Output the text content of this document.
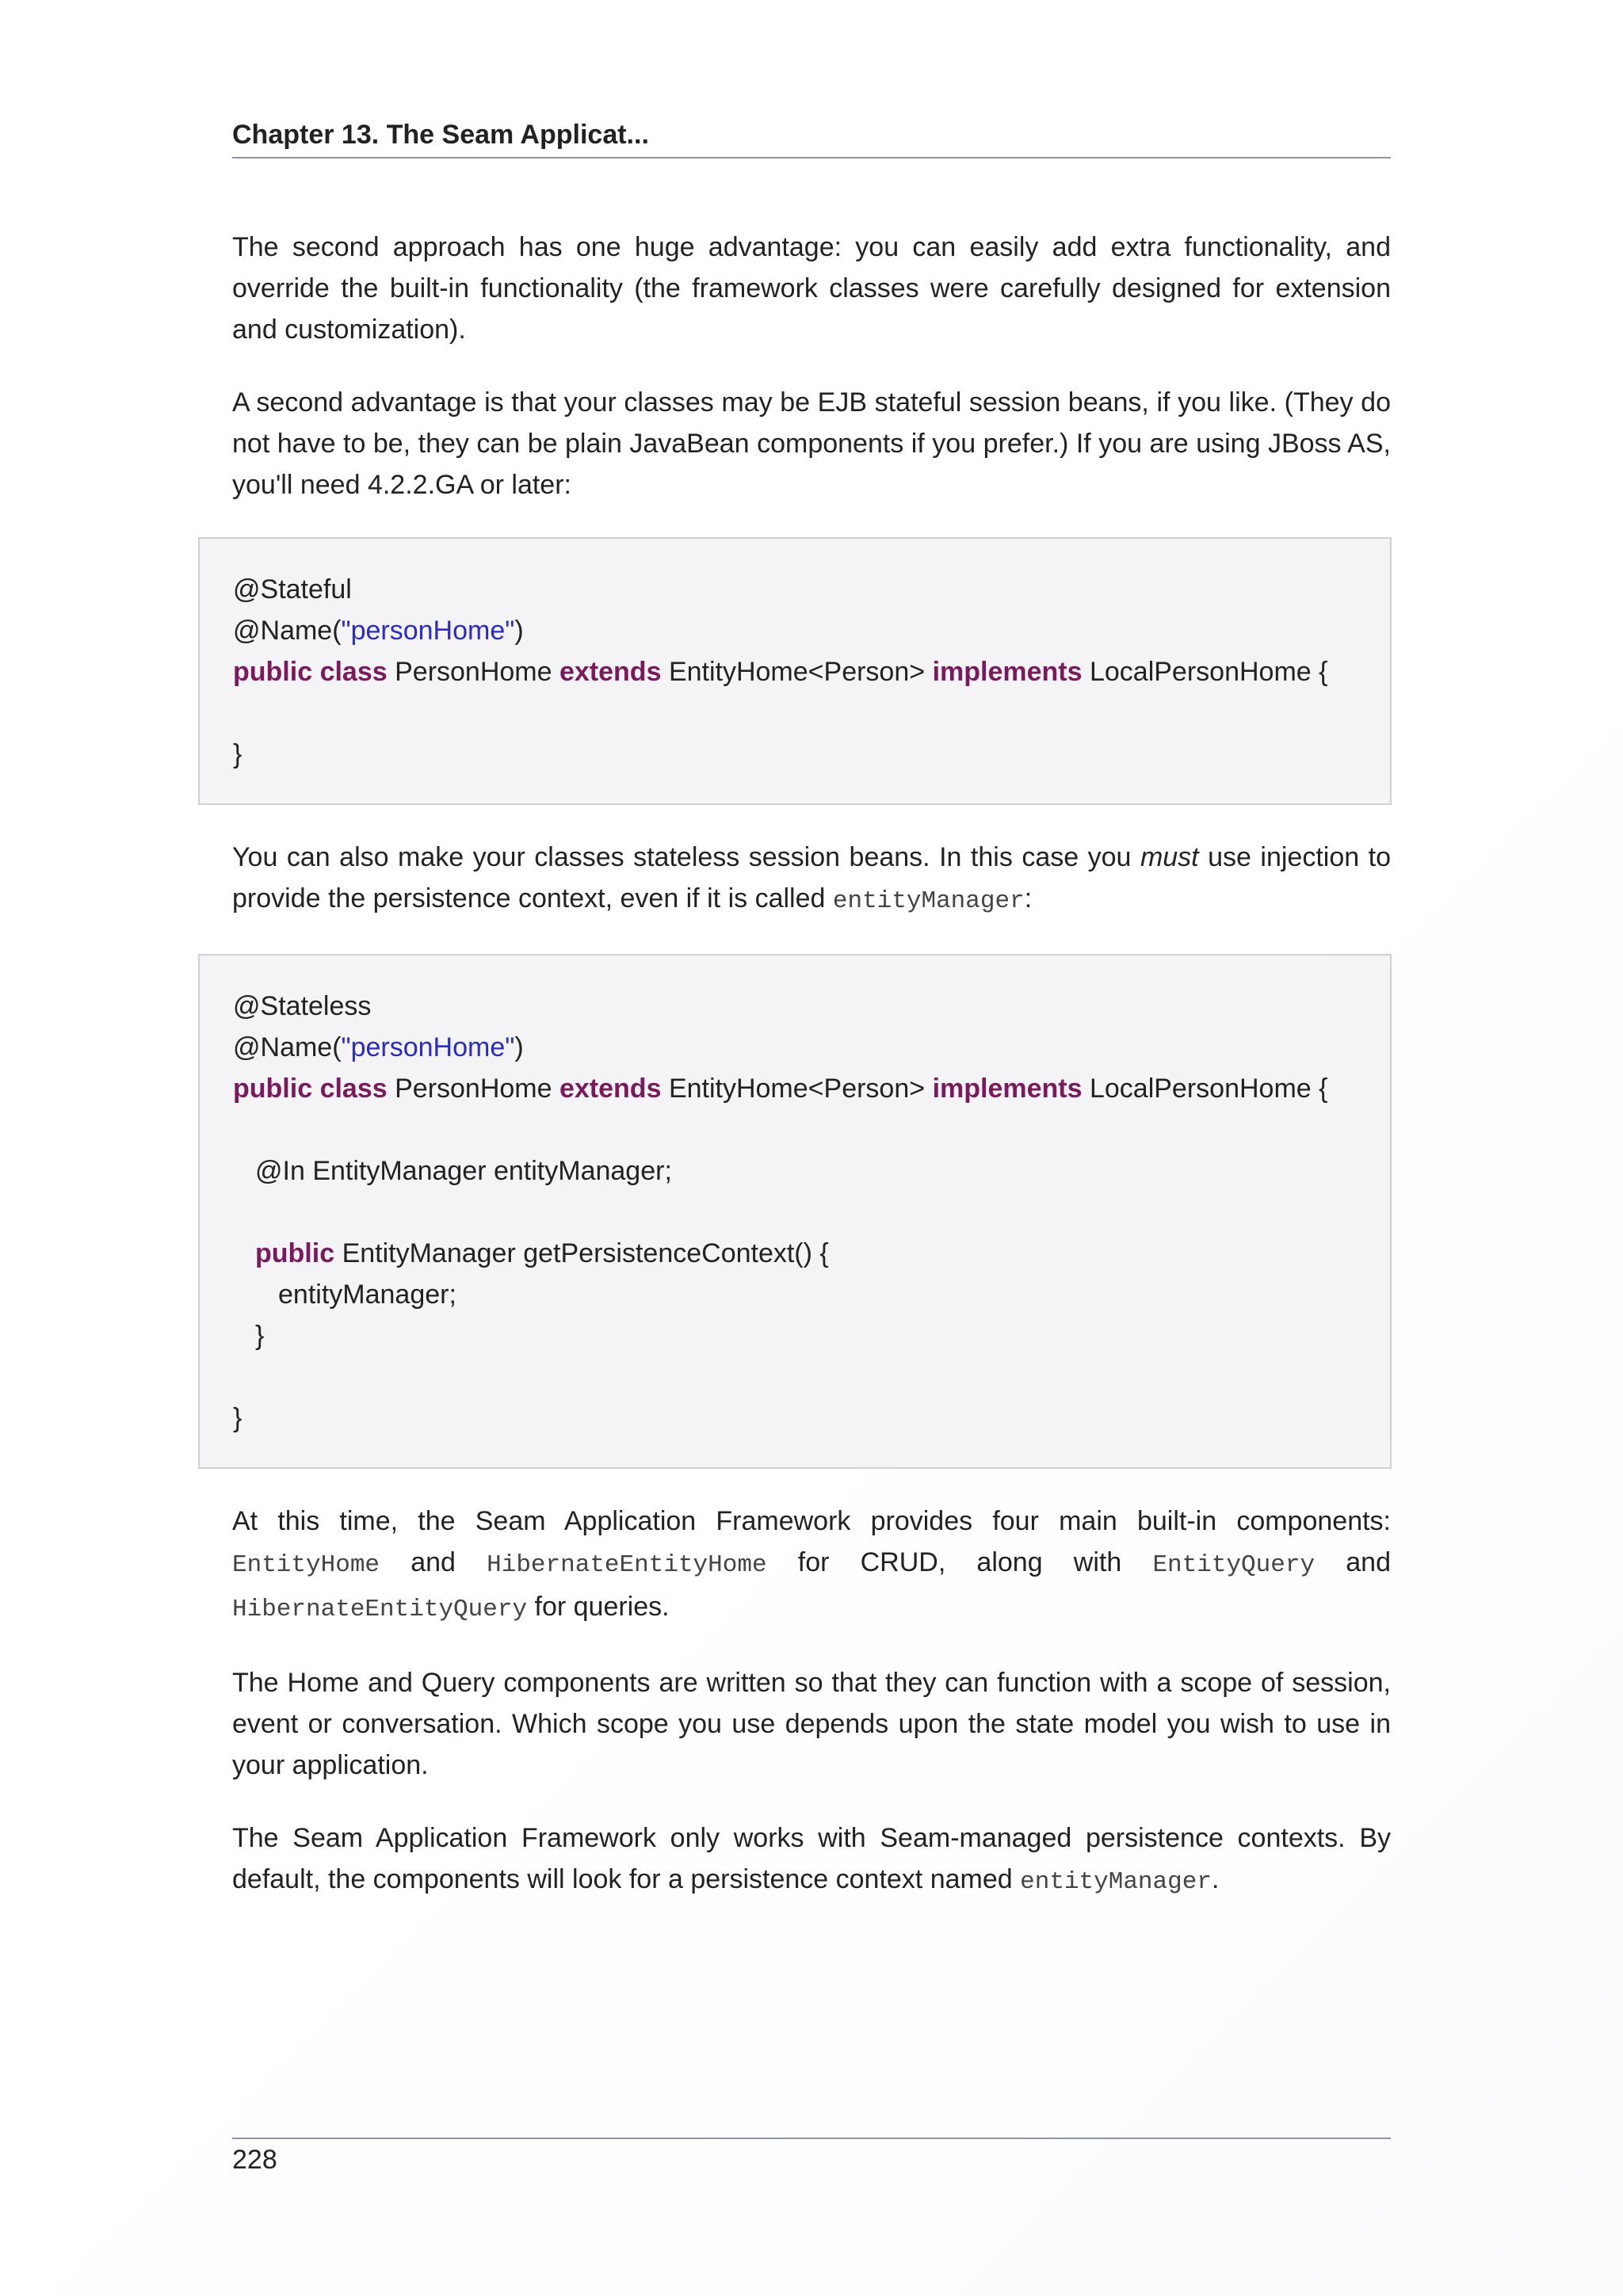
Chapter 13. The Seam Applicat...

The second approach has one huge advantage: you can easily add extra functionality, and override the built-in functionality (the framework classes were carefully designed for extension and customization).

A second advantage is that your classes may be EJB stateful session beans, if you like. (They do not have to be, they can be plain JavaBean components if you prefer.) If you are using JBoss AS, you'll need 4.2.2.GA or later:

@Stateful
@Name("personHome")
public class PersonHome extends EntityHome<Person> implements LocalPersonHome {
}

You can also make your classes stateless session beans. In this case you must use injection to provide the persistence context, even if it is called entityManager:

@Stateless
@Name("personHome")
public class PersonHome extends EntityHome<Person> implements LocalPersonHome {
@In EntityManager entityManager;
public EntityManager getPersistenceContext() {
entityManager;
}
}

At this time, the Seam Application Framework provides four main built-in components: EntityHome and HibernateEntityHome for CRUD, along with EntityQuery and HibernateEntityQuery for queries.

The Home and Query components are written so that they can function with a scope of session, event or conversation. Which scope you use depends upon the state model you wish to use in your application.

The Seam Application Framework only works with Seam-managed persistence contexts. By default, the components will look for a persistence context named entityManager.

228
